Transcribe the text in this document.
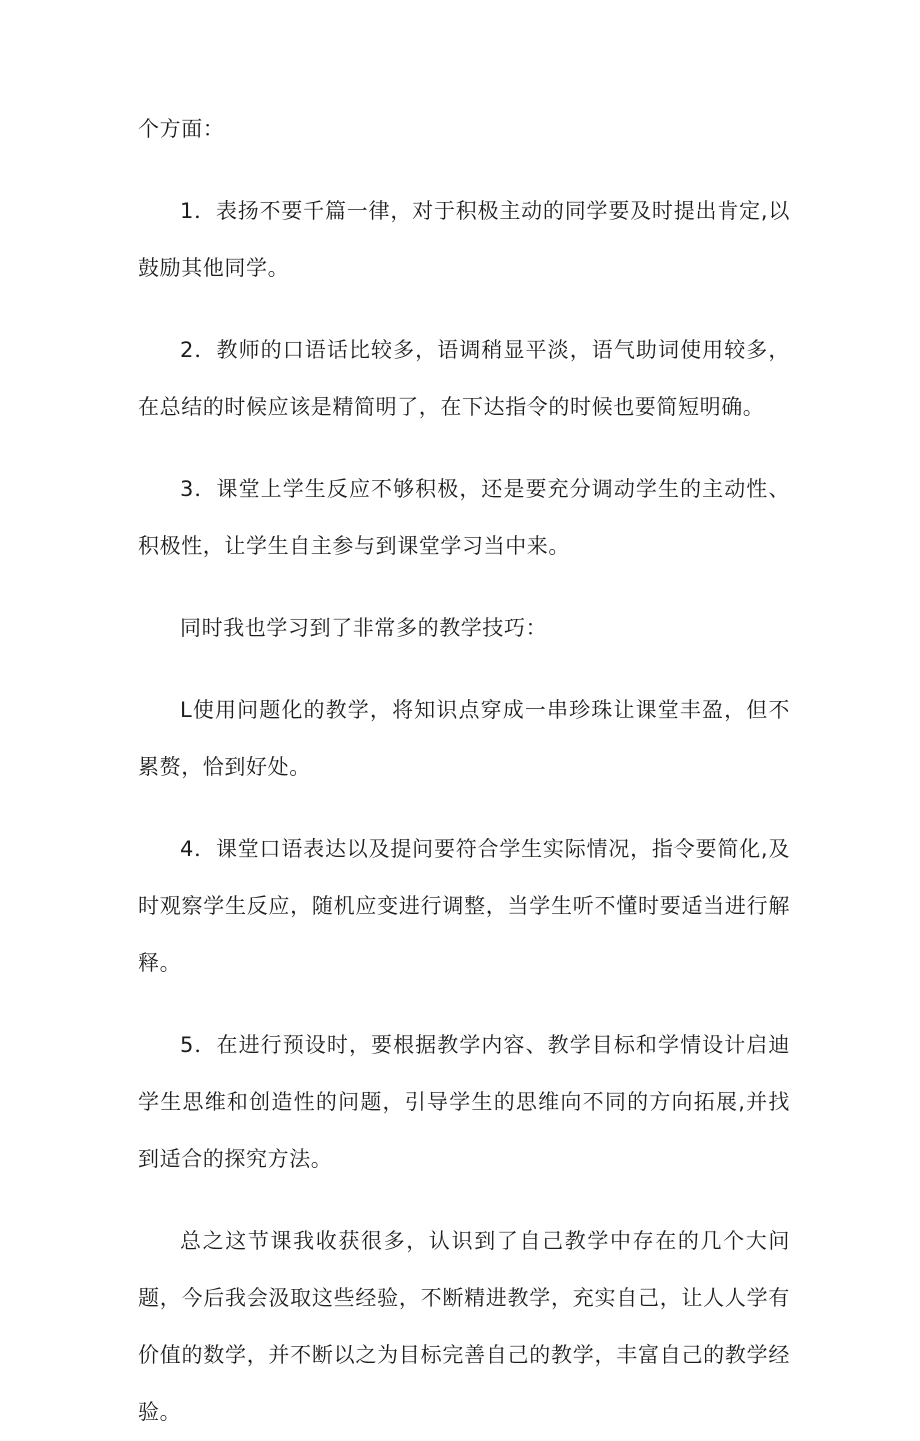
个方面：

1．表扬不要千篇一律，对于积极主动的同学要及时提出肯定,以鼓励其他同学。

2．教师的口语话比较多，语调稍显平淡，语气助词使用较多，在总结的时候应该是精简明了，在下达指令的时候也要简短明确。

3．课堂上学生反应不够积极，还是要充分调动学生的主动性、积极性，让学生自主参与到课堂学习当中来。

同时我也学习到了非常多的教学技巧：

L使用问题化的教学，将知识点穿成一串珍珠让课堂丰盈，但不累赘，恰到好处。

4．课堂口语表达以及提问要符合学生实际情况，指令要简化,及时观察学生反应，随机应变进行调整，当学生听不懂时要适当进行解释。

5．在进行预设时，要根据教学内容、教学目标和学情设计启迪学生思维和创造性的问题，引导学生的思维向不同的方向拓展,并找到适合的探究方法。

总之这节课我收获很多，认识到了自己教学中存在的几个大问题，今后我会汲取这些经验，不断精进教学，充实自己，让人人学有价值的数学，并不断以之为目标完善自己的教学，丰富自己的教学经验。
